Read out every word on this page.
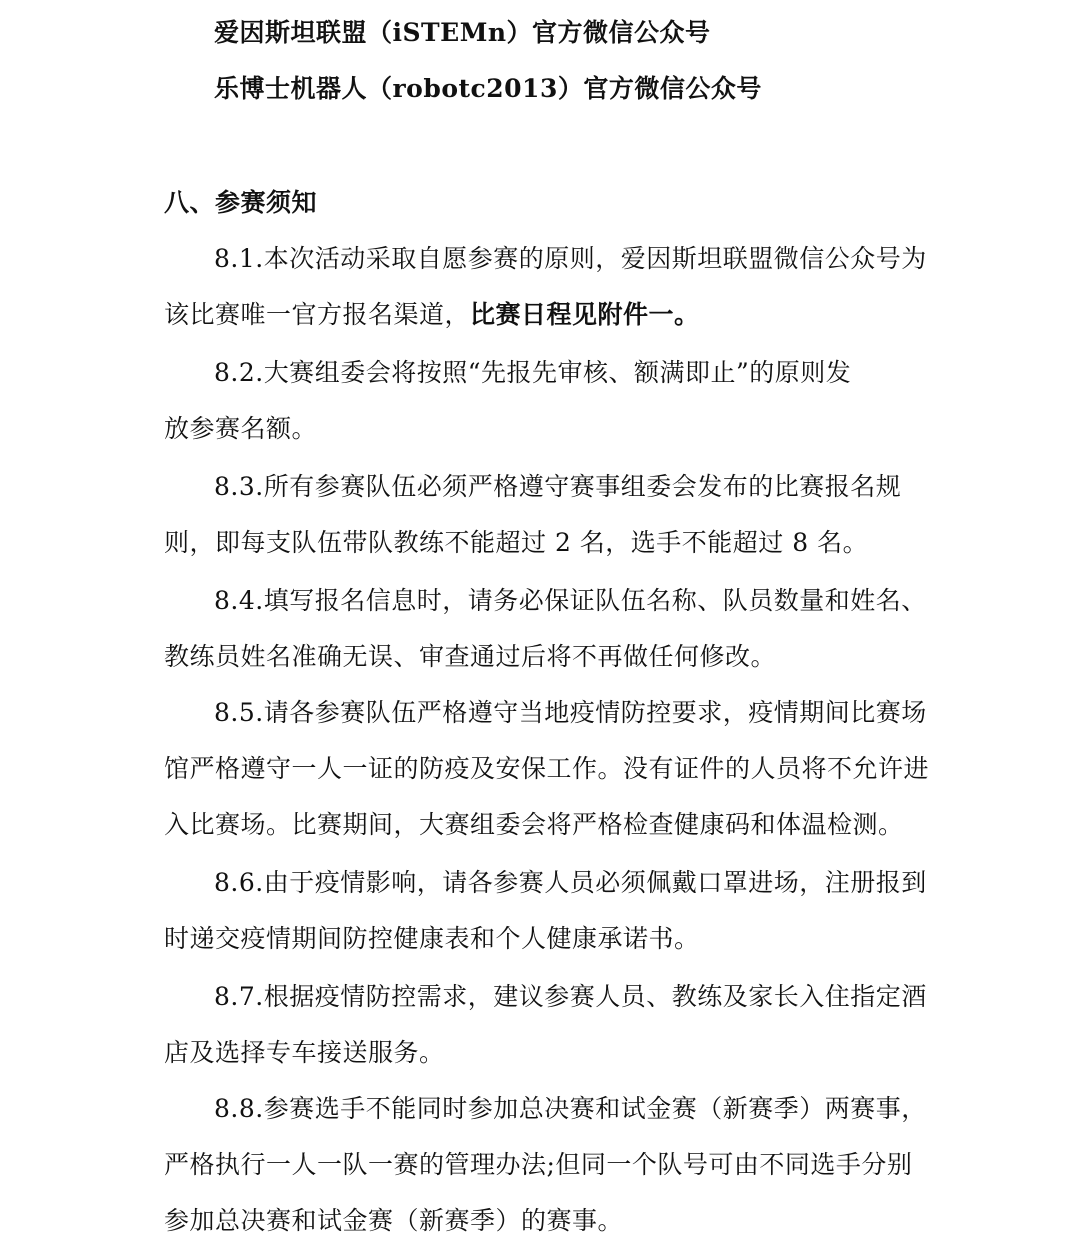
爱因斯坦联盟（iSTEMn）官方微信公众号
乐博士机器人（robotc2013）官方微信公众号
八、参赛须知
8.1.本次活动采取自愿参赛的原则，爱因斯坦联盟微信公众号为
该比赛唯一官方报名渠道，比赛日程见附件一。
8.2.大赛组委会将按照“先报先审核、额满即止”的原则发
放参赛名额。
8.3.所有参赛队伍必须严格遵守赛事组委会发布的比赛报名规
则，即每支队伍带队教练不能超过 2 名，选手不能超过 8 名。
8.4.填写报名信息时，请务必保证队伍名称、队员数量和姓名、
教练员姓名准确无误、审查通过后将不再做任何修改。
8.5.请各参赛队伍严格遵守当地疫情防控要求，疫情期间比赛场
馆严格遵守一人一证的防疫及安保工作。没有证件的人员将不允许进
入比赛场。比赛期间，大赛组委会将严格检查健康码和体温检测。
8.6.由于疫情影响，请各参赛人员必须佩戴口罩进场，注册报到
时递交疫情期间防控健康表和个人健康承诺书。
8.7.根据疫情防控需求，建议参赛人员、教练及家长入住指定酒
店及选择专车接送服务。
8.8.参赛选手不能同时参加总决赛和试金赛（新赛季）两赛事，
严格执行一人一队一赛的管理办法;但同一个队号可由不同选手分别
参加总决赛和试金赛（新赛季）的赛事。
